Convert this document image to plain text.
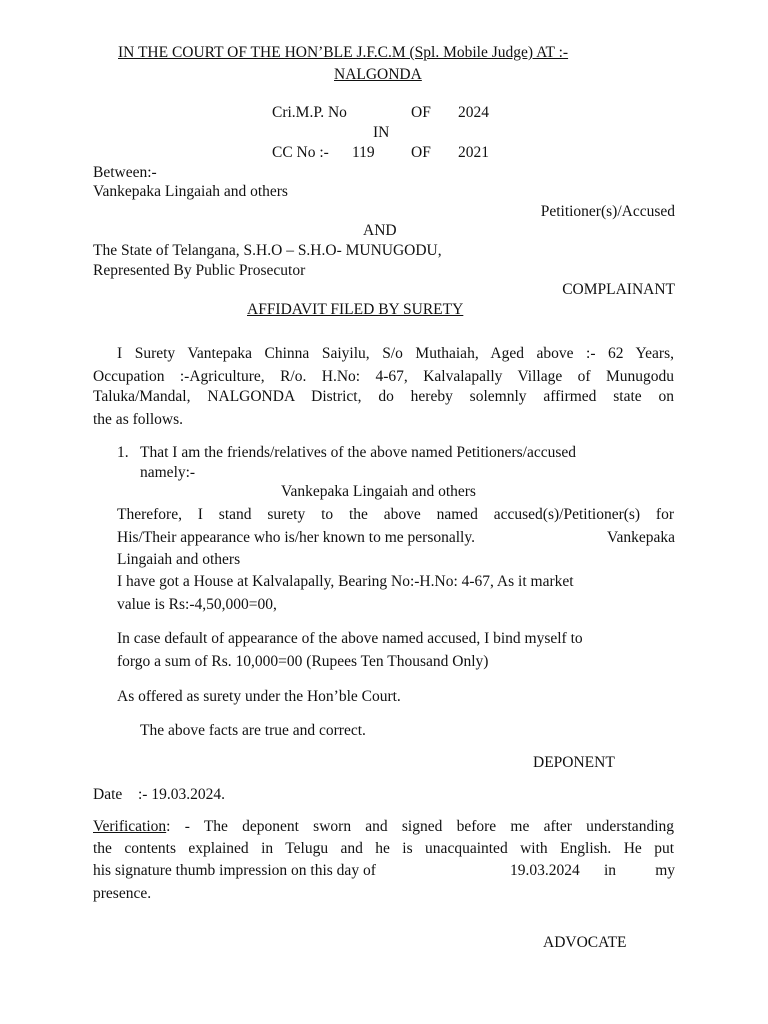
IN THE COURT OF THE HON’BLE J.F.C.M (Spl. Mobile Judge) AT :-
NALGONDA
Cri.M.P. No	OF 2024
IN
CC No :- 119 OF 2021
Between:-
Vankepaka Lingaiah and others
Petitioner(s)/Accused
AND
The State of Telangana, S.H.O – S.H.O- MUNUGODU,
Represented By Public Prosecutor
COMPLAINANT
AFFIDAVIT FILED BY SURETY
I Surety Vantepaka Chinna Saiyilu, S/o Muthaiah, Aged above :- 62 Years,
Occupation :-Agriculture, R/o. H.No: 4-67, Kalvalapally Village of Munugodu
Taluka/Mandal, NALGONDA District, do hereby solemnly affirmed state on
the as follows.
1. That I am the friends/relatives of the above named Petitioners/accused
namely:-
Vankepaka Lingaiah and others
Therefore, I stand surety to the above named accused(s)/Petitioner(s) for
His/Their appearance who is/her known to me personally.	Vankepaka
Lingaiah and others
I have got a House at Kalvalapally, Bearing No:-H.No: 4-67, As it market
value is Rs:-4,50,000=00,
In case default of appearance of the above named accused, I bind myself to
forgo a sum of Rs. 10,000=00 (Rupees Ten Thousand Only)
As offered as surety under the Hon’ble Court.
The above facts are true and correct.
DEPONENT
Date :- 19.03.2024.
Verification : - The deponent sworn and signed before me after understanding
the contents explained in Telugu and he is unacquainted with English. He put
his signature thumb impression on this day of	19.03.2024 in	my
presence.
ADVOCATE
